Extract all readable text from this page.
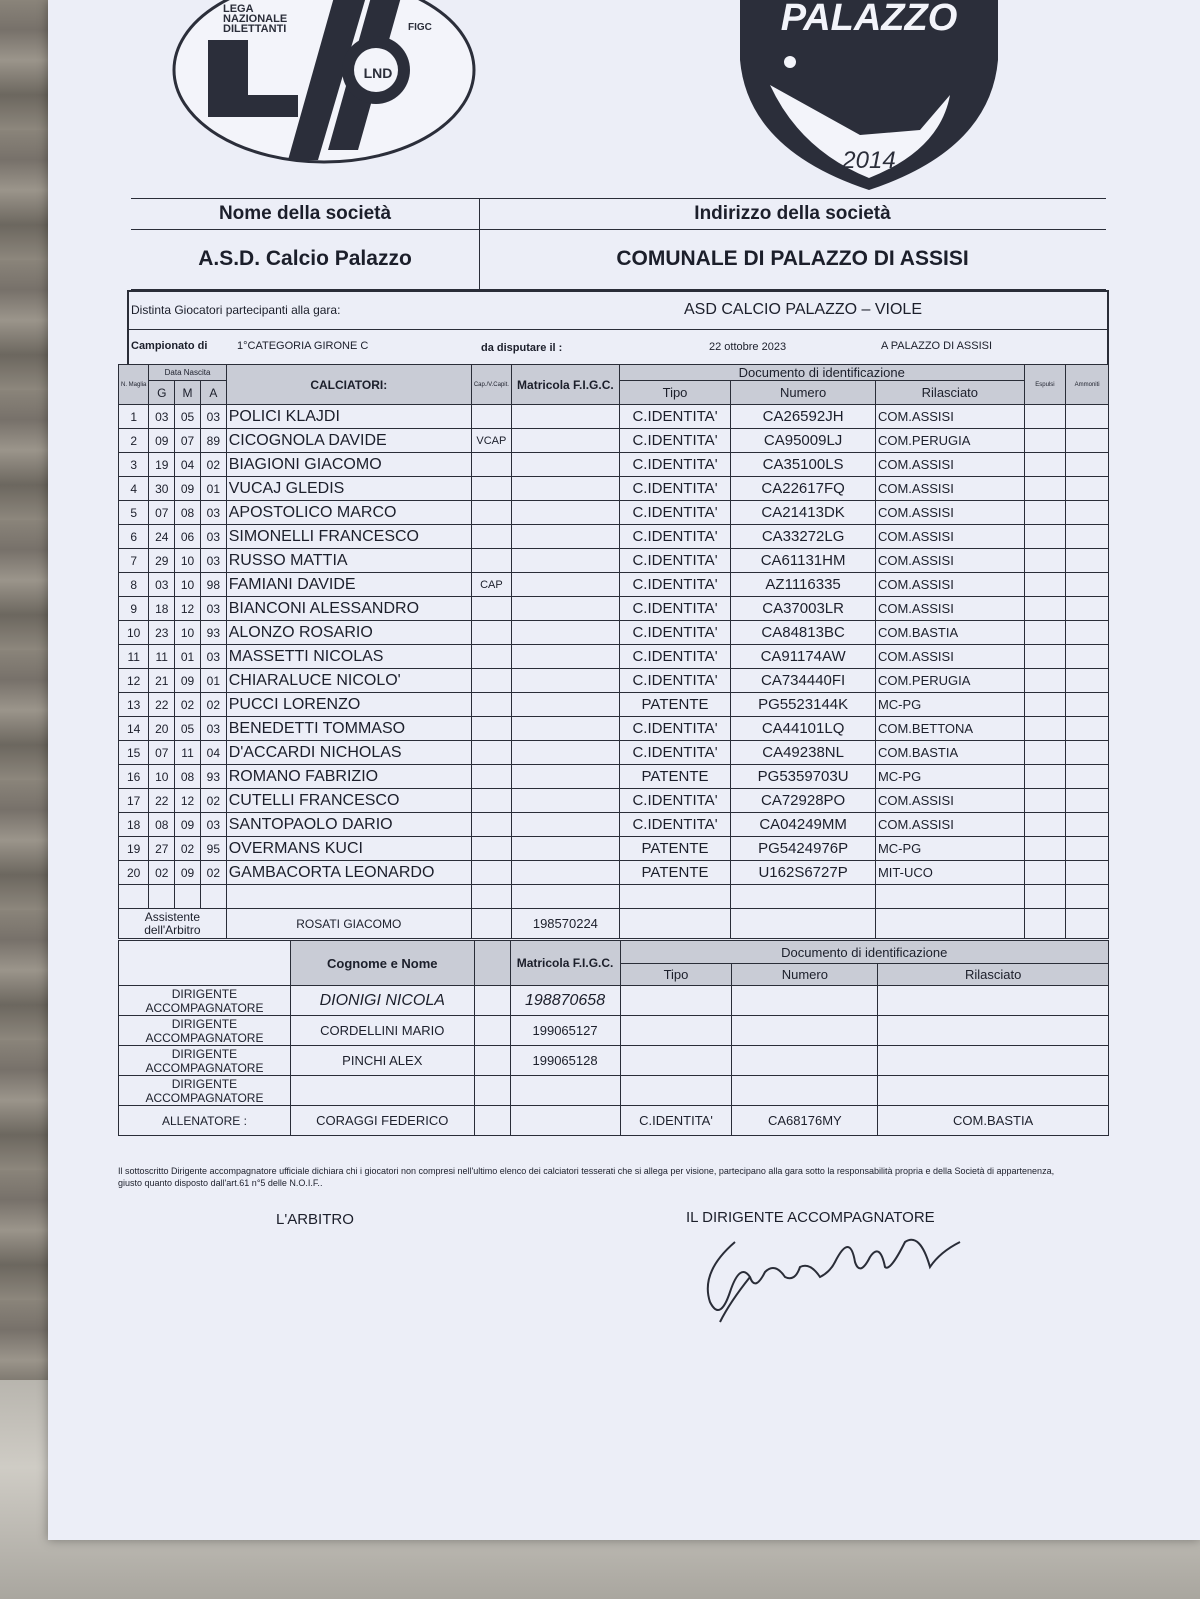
LND
LEGA
NAZIONALE
DILETTANTI	FIGC	PALAZZO
2014
Nome della società	Indirizzo della società
A.S.D. Calcio Palazzo	COMUNALE DI PALAZZO DI ASSISI
Distinta Giocatori partecipanti alla gara:	ASD CALCIO PALAZZO – VIOLE
Campionato di	1°CATEGORIA GIRONE C	da disputare il :	22 ottobre 2023	A PALAZZO DI ASSISI
N. Maglia	Data Nascita			CALCIATORI:	Cap./V.Capit.	Matricola F.I.G.C.	Documento di identificazione			Espulsi	Ammoniti
	G	M	A				Tipo	Numero	Rilasciato		
1	03	05	03	POLICI KLAJDI			C.IDENTITA'	CA26592JH	COM.ASSISI		
2	09	07	89	CICOGNOLA DAVIDE	VCAP		C.IDENTITA'	CA95009LJ	COM.PERUGIA		
3	19	04	02	BIAGIONI GIACOMO			C.IDENTITA'	CA35100LS	COM.ASSISI		
4	30	09	01	VUCAJ GLEDIS			C.IDENTITA'	CA22617FQ	COM.ASSISI		
5	07	08	03	APOSTOLICO MARCO			C.IDENTITA'	CA21413DK	COM.ASSISI		
6	24	06	03	SIMONELLI FRANCESCO			C.IDENTITA'	CA33272LG	COM.ASSISI		
7	29	10	03	RUSSO MATTIA			C.IDENTITA'	CA61131HM	COM.ASSISI		
8	03	10	98	FAMIANI DAVIDE	CAP		C.IDENTITA'	AZ1116335	COM.ASSISI		
9	18	12	03	BIANCONI ALESSANDRO			C.IDENTITA'	CA37003LR	COM.ASSISI		
10	23	10	93	ALONZO ROSARIO			C.IDENTITA'	CA84813BC	COM.BASTIA		
11	11	01	03	MASSETTI NICOLAS			C.IDENTITA'	CA91174AW	COM.ASSISI		
12	21	09	01	CHIARALUCE NICOLO'			C.IDENTITA'	CA734440FI	COM.PERUGIA		
13	22	02	02	PUCCI LORENZO			PATENTE	PG5523144K	MC-PG		
14	20	05	03	BENEDETTI TOMMASO			C.IDENTITA'	CA44101LQ	COM.BETTONA		
15	07	11	04	D'ACCARDI NICHOLAS			C.IDENTITA'	CA49238NL	COM.BASTIA		
16	10	08	93	ROMANO FABRIZIO			PATENTE	PG5359703U	MC-PG		
17	22	12	02	CUTELLI FRANCESCO			C.IDENTITA'	CA72928PO	COM.ASSISI		
18	08	09	03	SANTOPAOLO DARIO			C.IDENTITA'	CA04249MM	COM.ASSISI		
19	27	02	95	OVERMANS KUCI			PATENTE	PG5424976P	MC-PG		
20	02	09	02	GAMBACORTA LEONARDO			PATENTE	U162S6727P	MIT-UCO		

Assistente dell'Arbitro				ROSATI GIACOMO		198570224					
	Cognome e Nome		Matricola F.I.G.C.	Documento di identificazione		
				Tipo	Numero	Rilasciato
DIRIGENTE ACCOMPAGNATORE	DIONIGI NICOLA		198870658			
DIRIGENTE ACCOMPAGNATORE	CORDELLINI MARIO		199065127			
DIRIGENTE ACCOMPAGNATORE	PINCHI ALEX		199065128			
DIRIGENTE ACCOMPAGNATORE						
ALLENATORE :	CORAGGI FEDERICO			C.IDENTITA'	CA68176MY	COM.BASTIA
Il sottoscritto Dirigente accompagnatore ufficiale dichiara chi i giocatori non compresi nell'ultimo elenco dei calciatori tesserati che si allega per visione, partecipano alla gara sotto la responsabilità propria e della Società di appartenenza, giusto quanto disposto dall'art.61 n°5 delle N.O.I.F..
L'ARBITRO	IL DIRIGENTE ACCOMPAGNATORE
